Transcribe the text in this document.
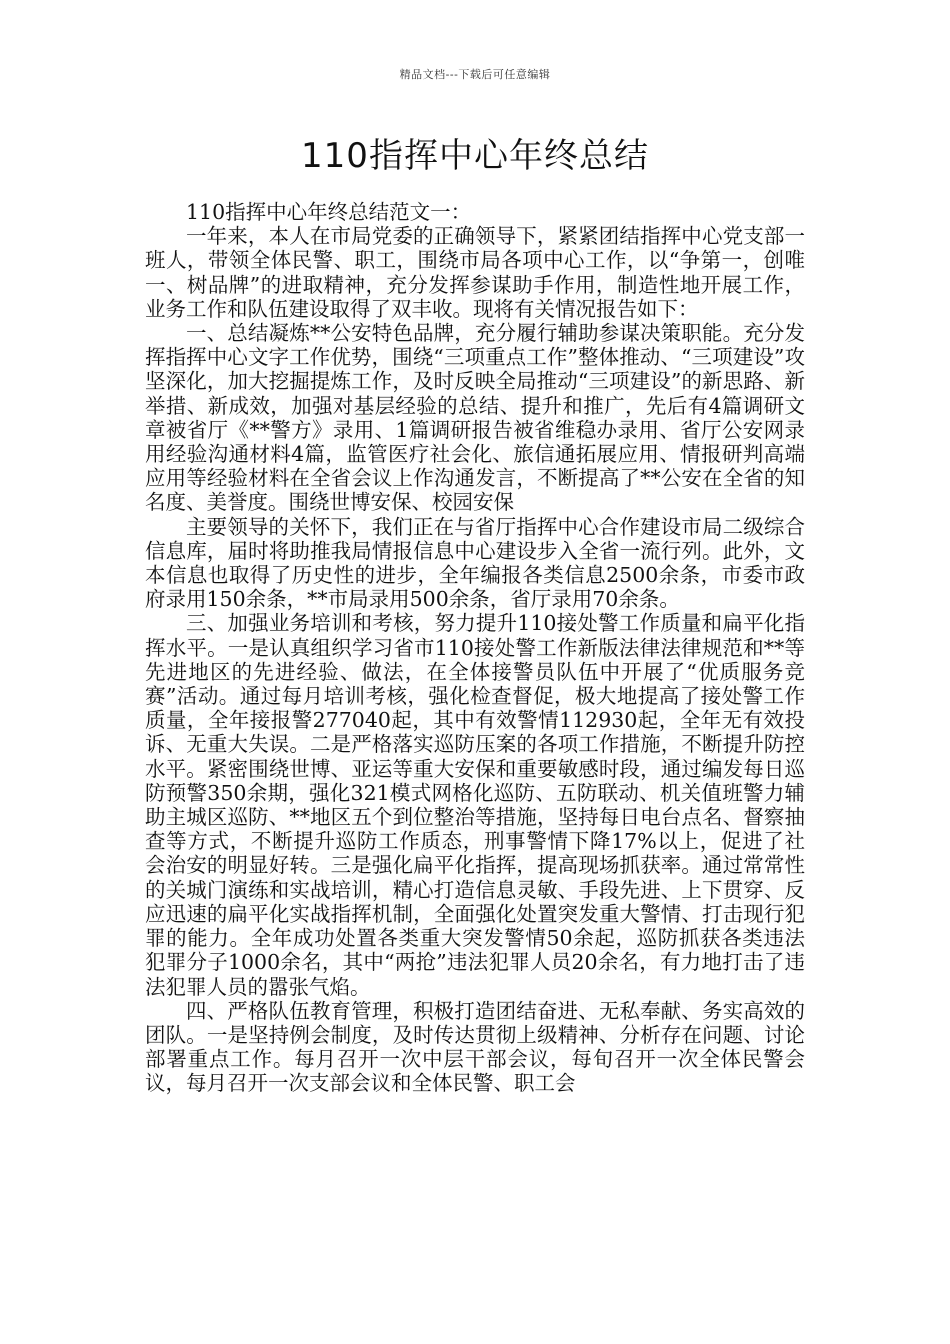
精品文档---下载后可任意编辑
110指挥中心年终总结

110指挥中心年终总结范文一：

一年来，本人在市局党委的正确领导下，紧紧团结指挥中心党支部一班人，带领全体民警、职工，围绕市局各项中心工作，以“争第一，创唯一、树品牌”的进取精神，充分发挥参谋助手作用，制造性地开展工作，业务工作和队伍建设取得了双丰收。现将有关情况报告如下：

一、总结凝炼**公安特色品牌，充分履行辅助参谋决策职能。充分发挥指挥中心文字工作优势，围绕“三项重点工作”整体推动、“三项建设”攻坚深化，加大挖掘提炼工作，及时反映全局推动“三项建设”的新思路、新举措、新成效，加强对基层经验的总结、提升和推广，先后有4篇调研文章被省厅《**警方》录用、1篇调研报告被省维稳办录用、省厅公安网录用经验沟通材料4篇，监管医疗社会化、旅信通拓展应用、情报研判高端应用等经验材料在全省会议上作沟通发言，不断提高了**公安在全省的知名度、美誉度。围绕世博安保、校园安保

主要领导的关怀下，我们正在与省厅指挥中心合作建设市局二级综合信息库，届时将助推我局情报信息中心建设步入全省一流行列。此外，文本信息也取得了历史性的进步，全年编报各类信息2500余条，市委市政府录用150余条，**市局录用500余条，省厅录用70余条。

三、加强业务培训和考核，努力提升110接处警工作质量和扁平化指挥水平。一是认真组织学习省市110接处警工作新版法律法律规范和**等先进地区的先进经验、做法，在全体接警员队伍中开展了“优质服务竞赛”活动。通过每月培训考核，强化检查督促，极大地提高了接处警工作质量，全年接报警277040起，其中有效警情112930起，全年无有效投诉、无重大失误。二是严格落实巡防压案的各项工作措施，不断提升防控水平。紧密围绕世博、亚运等重大安保和重要敏感时段，通过编发每日巡防预警350余期，强化321模式网格化巡防、五防联动、机关值班警力辅助主城区巡防、**地区五个到位整治等措施，坚持每日电台点名、督察抽查等方式，不断提升巡防工作质态，刑事警情下降17%以上，促进了社会治安的明显好转。三是强化扁平化指挥，提高现场抓获率。通过常常性的关城门演练和实战培训，精心打造信息灵敏、手段先进、上下贯穿、反应迅速的扁平化实战指挥机制，全面强化处置突发重大警情、打击现行犯罪的能力。全年成功处置各类重大突发警情50余起，巡防抓获各类违法犯罪分子1000余名，其中“两抢”违法犯罪人员20余名，有力地打击了违法犯罪人员的嚣张气焰。

四、严格队伍教育管理，积极打造团结奋进、无私奉献、务实高效的团队。一是坚持例会制度，及时传达贯彻上级精神、分析存在问题、讨论部署重点工作。每月召开一次中层干部会议，每旬召开一次全体民警会议，每月召开一次支部会议和全体民警、职工会
